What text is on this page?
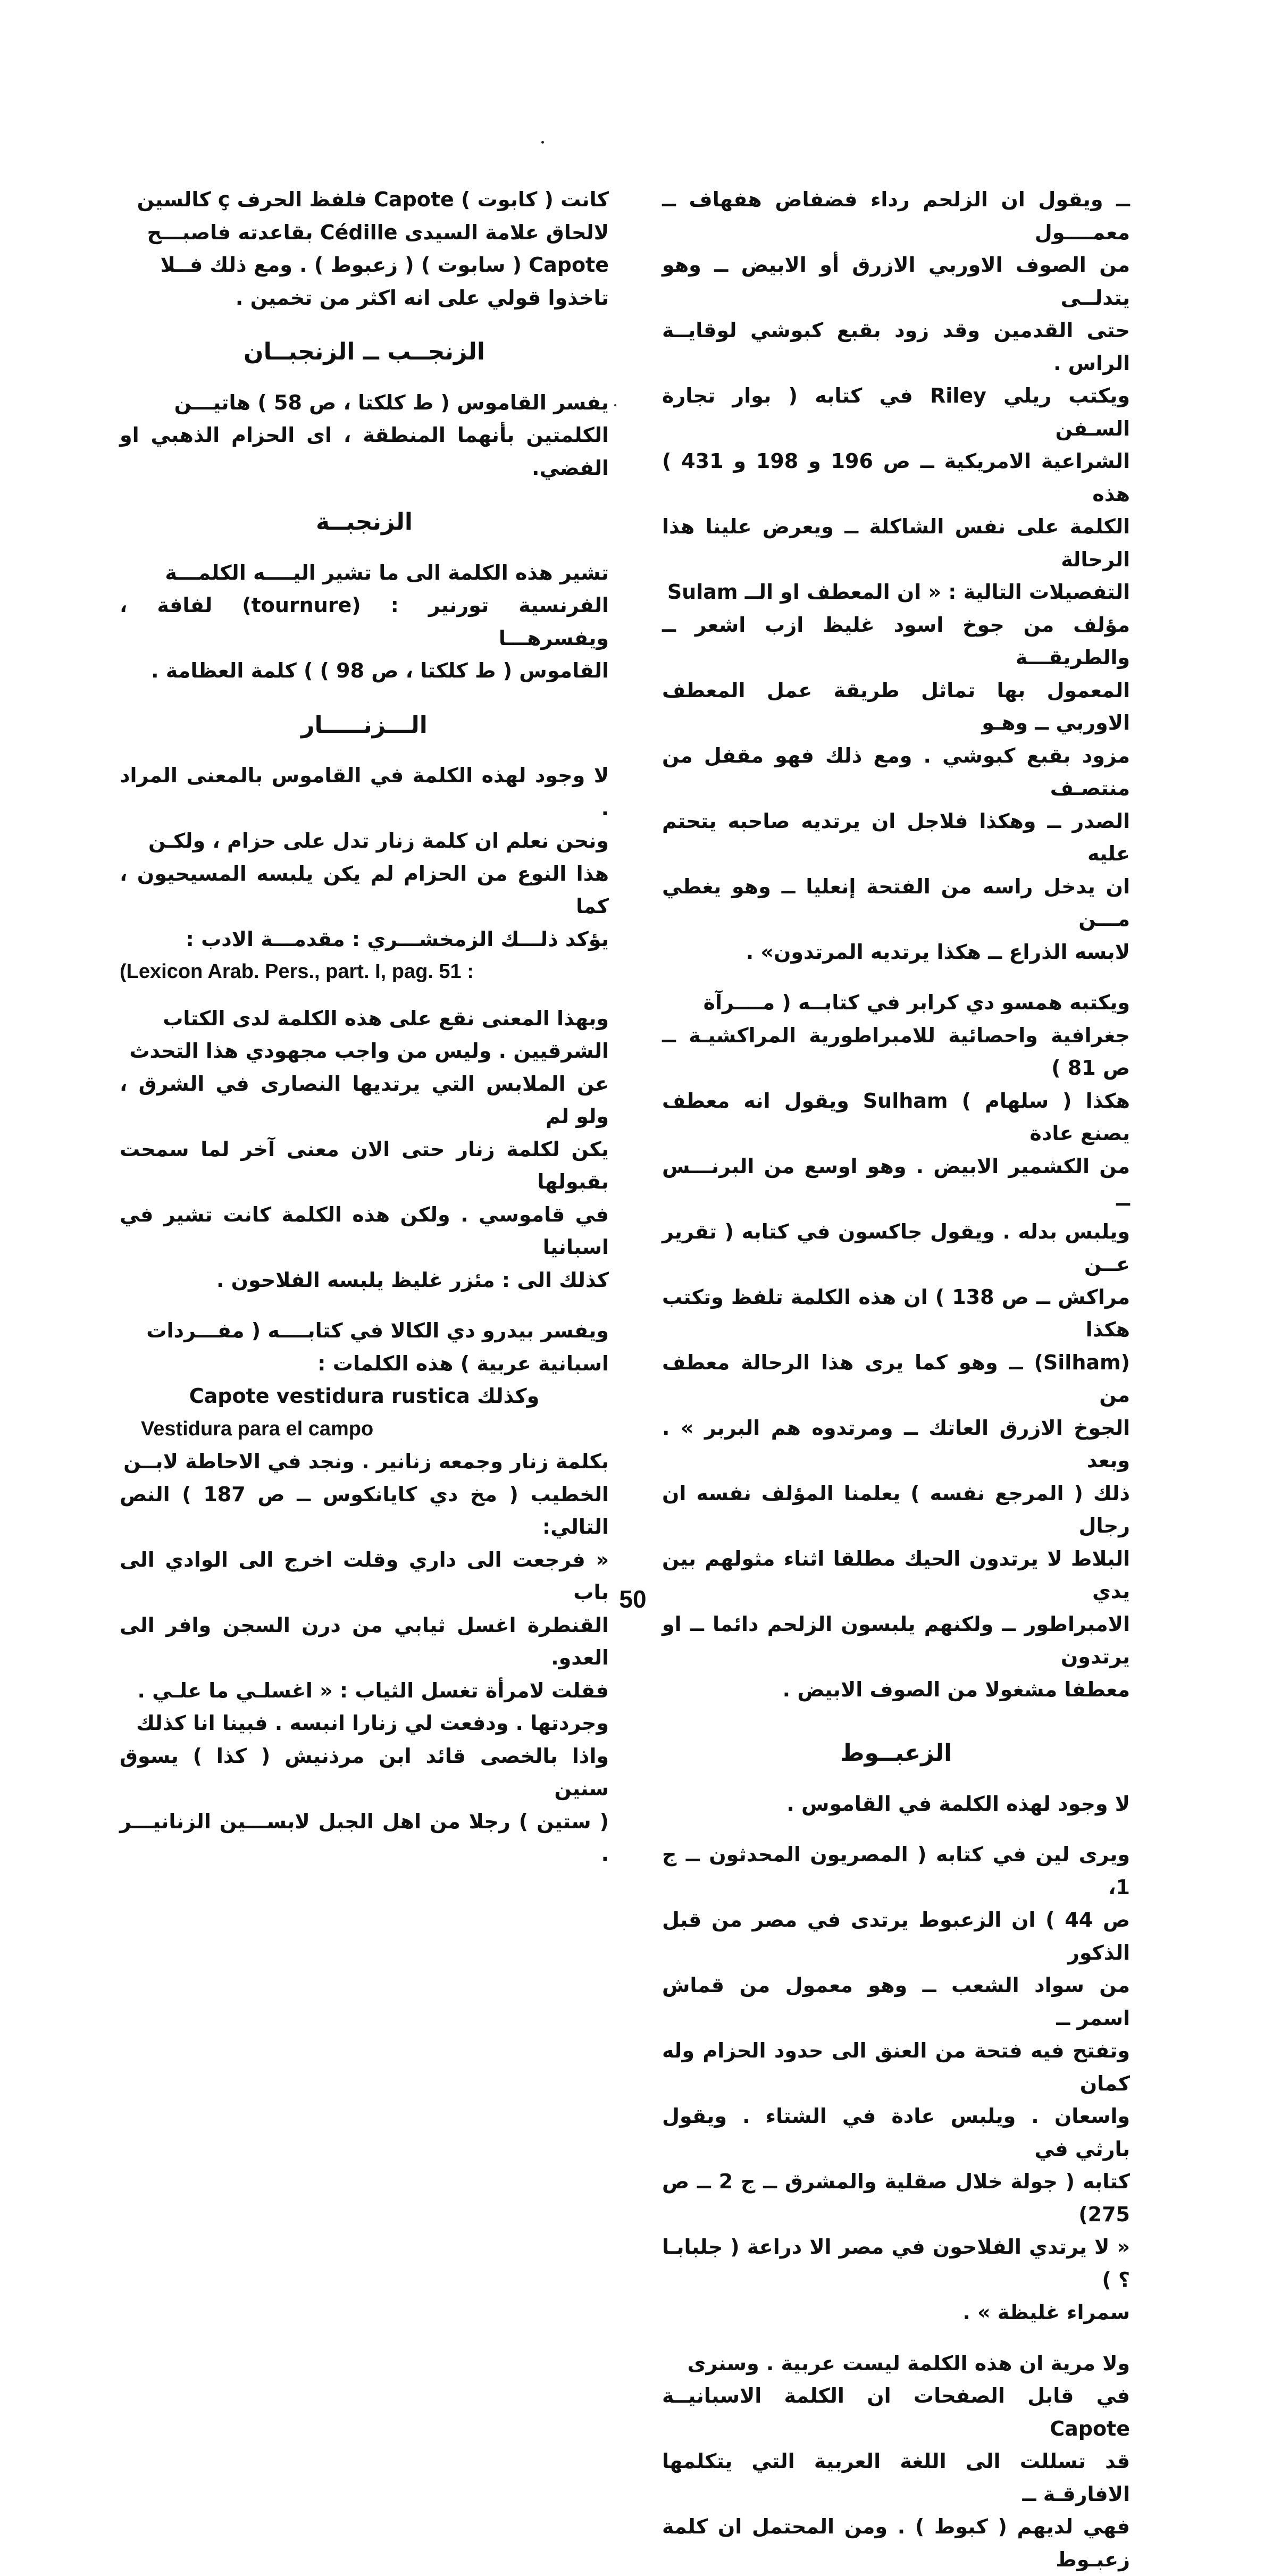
ــ ويقول ان الزلحم رداء فضفاض هفهاف ــ معمــــول
من الصوف الاوربي الازرق أو الابيض ــ وهو يتدلــى
حتى القدمين وقد زود بقبع كبوشي لوقايــة الراس .
ويكتب ريلي Riley في كتابه ( بوار تجارة السـفن
الشراعية الامريكية ــ ص 196 و 198 و 431 ) هذه
الكلمة على نفس الشاكلة ــ ويعرض علينا هذا الرحالة
التفصيلات التالية : « ان المعطف او الــ Sulam
مؤلف من جوخ اسود غليظ ازب اشعر ــ والطريقـــة
المعمول بها تماثل طريقة عمل المعطف الاوربي ــ وهـو
مزود بقبع كبوشي . ومع ذلك فهو مقفل من منتصـف
الصدر ــ وهكذا فلاجل ان يرتديه صاحبه يتحتم عليه
ان يدخل راسه من الفتحة إنعليا ــ وهو يغطي مـــن
لابسه الذراع ــ هكذا يرتديه المرتدون» .

ويكتبه همسو دي كرابر في كتابــه ( مــــرآة
جغرافية واحصائية للامبراطورية المراكشيـة ــ ص 81 )
هكذا ( سلهام ) Sulham ويقول انه معطف يصنع عادة
من الكشمير الابيض . وهو اوسع من البرنـــس ــ
ويلبس بدله . ويقول جاكسون في كتابه ( تقرير عــن
مراكش ــ ص 138 ) ان هذه الكلمة تلفظ وتكتب هكذا
(Silham) ــ وهو كما يرى هذا الرحالة معطف من
الجوخ الازرق العاتك ــ ومرتدوه هم البربر » . وبعد
ذلك ( المرجع نفسه ) يعلمنا المؤلف نفسه ان رجال
البلاط لا يرتدون الحيك مطلقا اثناء مثولهم بين يدي
الامبراطور ــ ولكنهم يلبسون الزلحم دائما ــ او يرتدون
معطفا مشغولا من الصوف الابيض .

الزعبــوط

لا وجود لهذه الكلمة في القاموس .

ويرى لين في كتابه ( المصريون المحدثون ــ ج 1،
ص 44 ) ان الزعبوط يرتدى في مصر من قبل الذكور
من سواد الشعب ــ وهو معمول من قماش اسمر ــ
وتفتح فيه فتحة من العنق الى حدود الحزام وله كمان
واسعان . ويلبس عادة في الشتاء . ويقول بارثي في
كتابه ( جولة خلال صقلية والمشرق ــ ج 2 ــ ص 275)
« لا يرتدي الفلاحون في مصر الا دراعة ( جلبابـا ؟ )
سمراء غليظة » .

ولا مرية ان هذه الكلمة ليست عربية . وسنرى
في قابل الصفحات ان الكلمة الاسبانيــة Capote
قد تسللت الى اللغة العربية التي يتكلمها الافارقـة ــ
فهي لديهم ( كبوط ) . ومن المحتمل ان كلمة زعبـوط

كانت ( كابوت ) Capote فلفظ الحرف ç كالسين
لالحاق علامة السيدى Cédille بقاعدته فاصبـــح
Capote ( سابوت ) ( زعبوط ) . ومع ذلك فــلا
تاخذوا قولي على انه اكثر من تخمين .

الزنجــب ــ الزنجبــان

يفسر القاموس ( ط كلكتا ، ص 58 ) هاتيـــن
الكلمتين بأنهما المنطقة ، اى الحزام الذهبي او الفضي.

الزنجبــة

تشير هذه الكلمة الى ما تشير اليــــه الكلمـــة
الفرنسية تورنير : (tournure) لفافة ، ويفسرهـــا
القاموس ( ط كلكتا ، ص 98 ) ) كلمة العظامة .

الـــزنـــــار

لا وجود لهذه الكلمة في القاموس بالمعنى المراد .
ونحن نعلم ان كلمة زنار تدل على حزام ، ولكـن
هذا النوع من الحزام لم يكن يلبسه المسيحيون ، كما
يؤكد ذلـــك الزمخشـــري : مقدمـــة الادب :

(Lexicon Arab. Pers., part. I, pag. 51 :

وبهذا المعنى نقع على هذه الكلمة لدى الكتاب
الشرقيين . وليس من واجب مجهودي هذا التحدث
عن الملابس التي يرتديها النصارى في الشرق ، ولو لم
يكن لكلمة زنار حتى الان معنى آخر لما سمحت بقبولها
في قاموسي . ولكن هذه الكلمة كانت تشير في اسبانيا
كذلك الى : مئزر غليظ يلبسه الفلاحون .

ويفسر بيدرو دي الكالا في كتابــــه ( مفـــردات
اسبانية عربية ) هذه الكلمات :

وكذلك Capote vestidura rustica

Vestidura para el campo

بكلمة زنار وجمعه زنانير . ونجد في الاحاطة لابــن
الخطيب ( مخ دي كايانكوس ــ ص 187 ) النص التالي:
« فرجعت الى داري وقلت اخرج الى الوادي الى باب
القنطرة اغسل ثيابي من درن السجن وافر الى العدو.
فقلت لامرأة تغسل الثياب : « اغسلـي ما علـي .
وجردتها . ودفعت لي زنارا انبسه . فبينا انا كذلك
واذا بالخصى قائد ابن مرذنيش ( كذا ) يسوق سنين
( ستين ) رجلا من اهل الجبل لابســـين الزنانيـــر .

50
